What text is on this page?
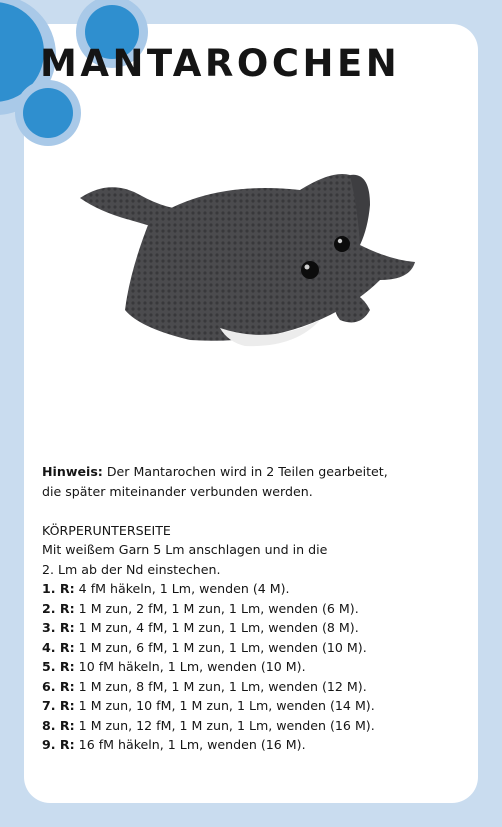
MANTAROCHEN

Hinweis: Der Mantarochen wird in 2 Teilen gearbeitet,

die später miteinander verbunden werden.

KÖRPERUNTERSEITE

Mit weißem Garn 5 Lm anschlagen und in die

2. Lm ab der Nd einstechen.

1. R: 4 fM häkeln, 1 Lm, wenden (4 M).

2. R: 1 M zun, 2 fM, 1 M zun, 1 Lm, wenden (6 M).

3. R: 1 M zun, 4 fM, 1 M zun, 1 Lm, wenden (8 M).

4. R: 1 M zun, 6 fM, 1 M zun, 1 Lm, wenden (10 M).

5. R: 10 fM häkeln, 1 Lm, wenden (10 M).

6. R: 1 M zun, 8 fM, 1 M zun, 1 Lm, wenden (12 M).

7. R: 1 M zun, 10 fM, 1 M zun, 1 Lm, wenden (14 M).

8. R: 1 M zun, 12 fM, 1 M zun, 1 Lm, wenden (16 M).

9. R: 16 fM häkeln, 1 Lm, wenden (16 M).
